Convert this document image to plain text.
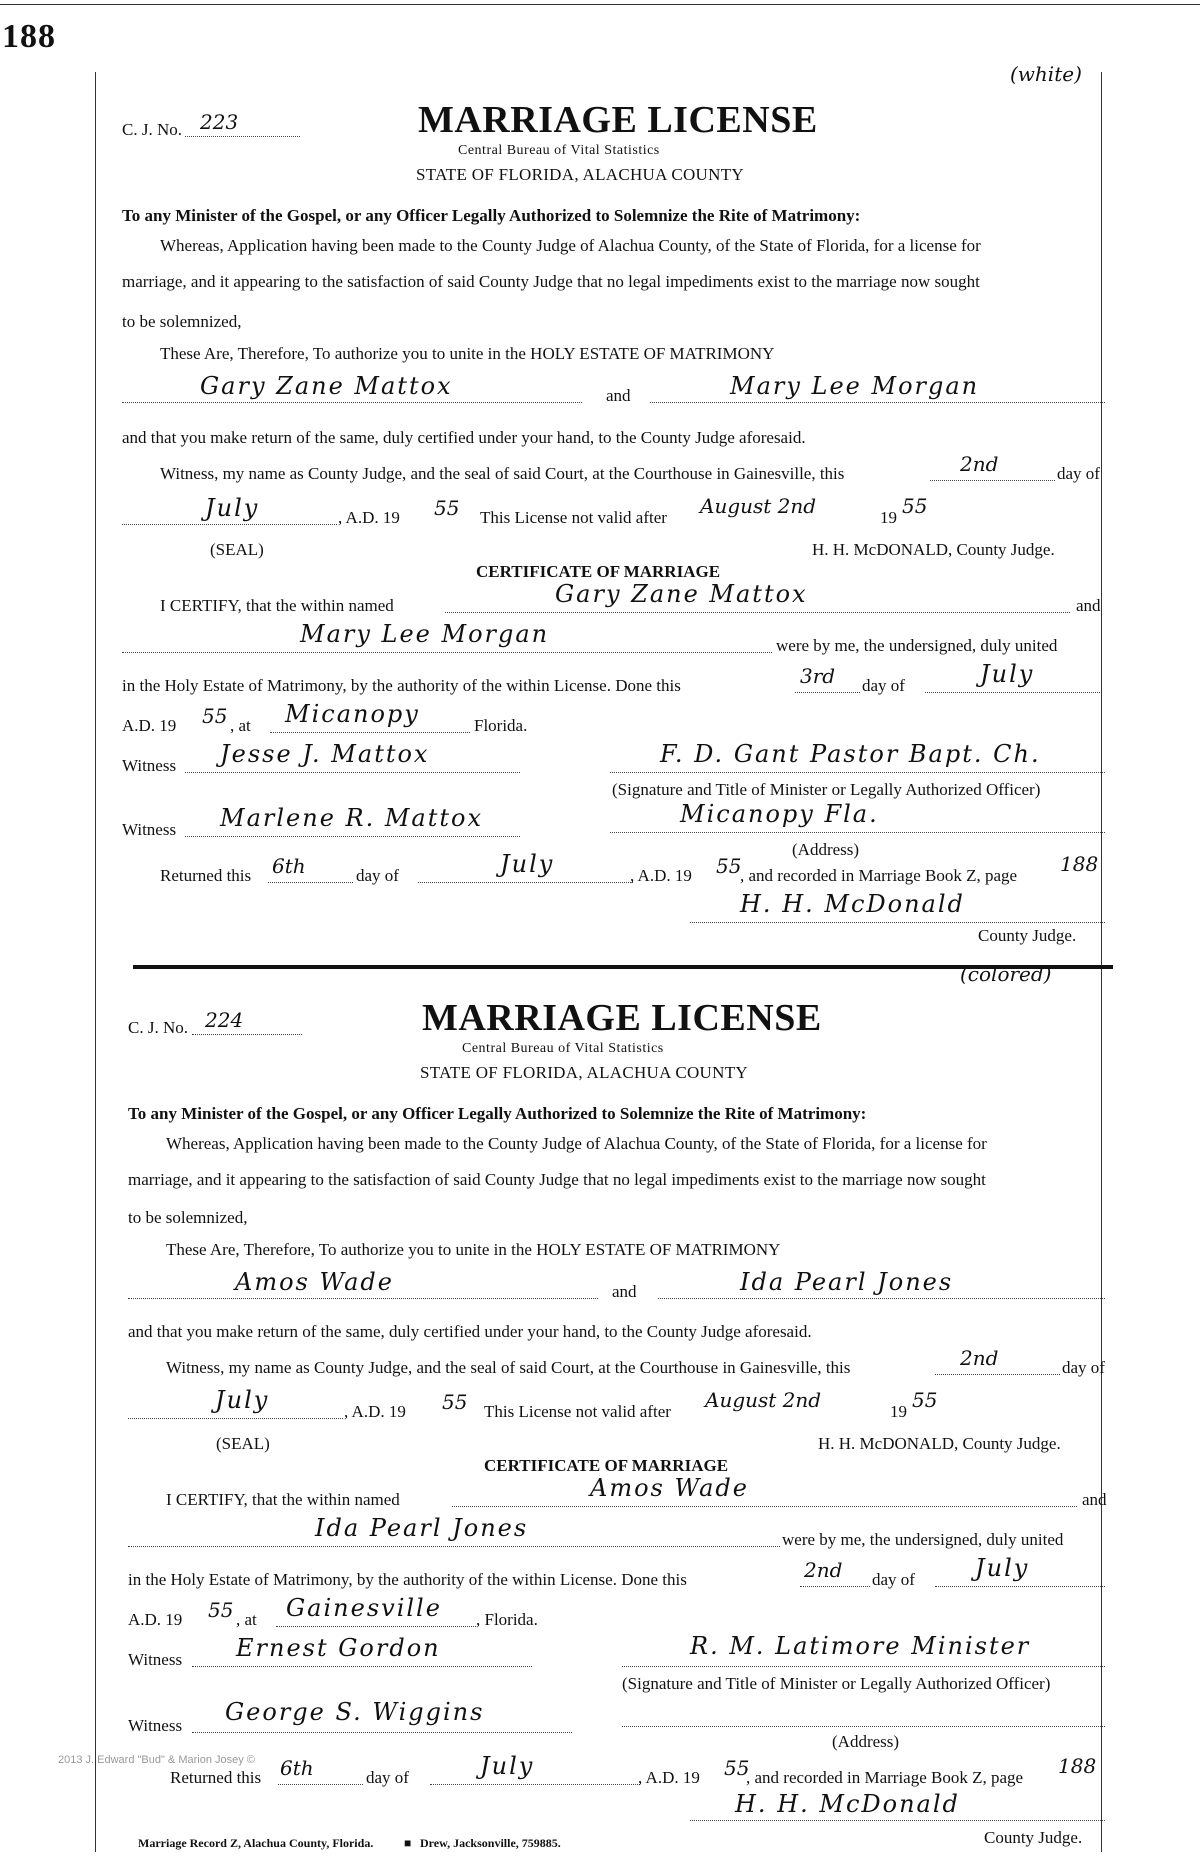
188
(white)
C. J. No. 223	MARRIAGE LICENSE
Central Bureau of Vital Statistics
STATE OF FLORIDA, ALACHUA COUNTY
To any Minister of the Gospel, or any Officer Legally Authorized to Solemnize the Rite of Matrimony:
Whereas, Application having been made to the County Judge of Alachua County, of the State of Florida, for a license for
marriage, and it appearing to the satisfaction of said County Judge that no legal impediments exist to the marriage now sought
to be solemnized,
These Are, Therefore, To authorize you to unite in the HOLY ESTATE OF MATRIMONY
Gary Zane Mattox	and	Mary Lee Morgan
and that you make return of the same, duly certified under your hand, to the County Judge aforesaid.
Witness, my name as County Judge, and the seal of said Court, at the Courthouse in Gainesville, this	2nd	day of
July	, A.D. 19 55 This License not valid after August 2nd	19 55
(SEAL)	H. H. McDONALD, County Judge.
CERTIFICATE OF MARRIAGE
I CERTIFY, that the within named	Gary Zane Mattox	and
Mary Lee Morgan	were by me, the undersigned, duly united
in the Holy Estate of Matrimony, by the authority of the within License. Done this	3rd day of	July
A.D. 19 55 , at Micanopy	Florida.
Witness Jesse J. Mattox	F. D. Gant Pastor Bapt. Ch.
(Signature and Title of Minister or Legally Authorized Officer)
Witness Marlene R. Mattox	Micanopy Fla.
(Address)
Returned this 6th	day of	July	, A.D. 19 55
, and recorded in Marriage Book Z, page 188
H. H. McDonald
County Judge.
(colored)
C. J. No. 224	MARRIAGE LICENSE
Central Bureau of Vital Statistics
STATE OF FLORIDA, ALACHUA COUNTY
To any Minister of the Gospel, or any Officer Legally Authorized to Solemnize the Rite of Matrimony:
Whereas, Application having been made to the County Judge of Alachua County, of the State of Florida, for a license for
marriage, and it appearing to the satisfaction of said County Judge that no legal impediments exist to the marriage now sought
to be solemnized,
These Are, Therefore, To authorize you to unite in the HOLY ESTATE OF MATRIMONY
Amos Wade	and	Ida Pearl Jones
and that you make return of the same, duly certified under your hand, to the County Judge aforesaid.
Witness, my name as County Judge, and the seal of said Court, at the Courthouse in Gainesville, this	2nd	day of
July	, A.D. 19 55 This License not valid after August 2nd	19 55
(SEAL)	H. H. McDONALD, County Judge.
CERTIFICATE OF MARRIAGE
I CERTIFY, that the within named	Amos Wade	and
Ida Pearl Jones	were by me, the undersigned, duly united
in the Holy Estate of Matrimony, by the authority of the within License. Done this	2nd day of	July
A.D. 19 55 , at Gainesville , Florida.
Witness Ernest Gordon	R. M. Latimore Minister
(Signature and Title of Minister or Legally Authorized Officer)
Witness George S. Wiggins
(Address)
2013 J. Edward "Bud" & Marion Josey ©
Returned this 6th	day of	July	, A.D. 19 55
, and recorded in Marriage Book Z, page 188
H. H. McDonald
County Judge.
Marriage Record Z, Alachua County, Florida.	■ Drew, Jacksonville, 759885.
